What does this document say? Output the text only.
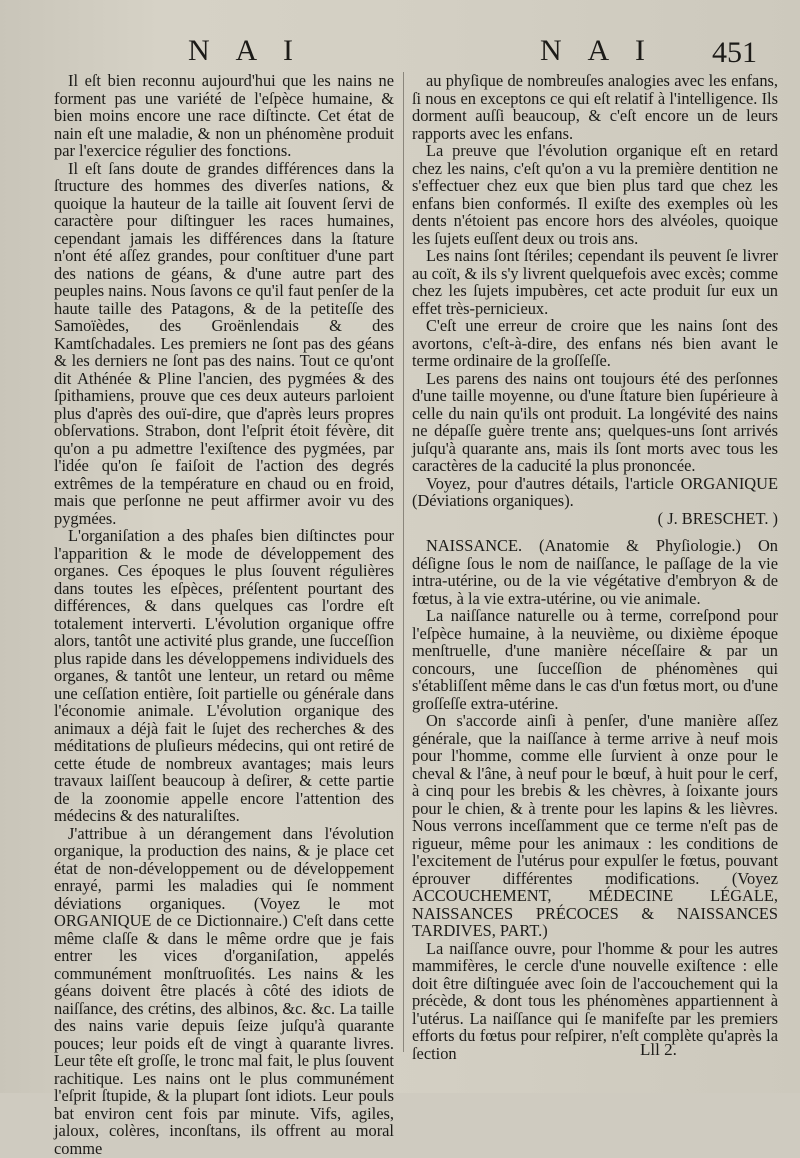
N A I	N A I 451

Il eſt bien reconnu aujourd'hui que les nains ne forment pas une variété de l'eſpèce humaine, & bien moins encore une race diſtincte. Cet état de nain eſt une maladie, & non un phénomène produit par l'exercice régulier des fonctions.

Il eſt ſans doute de grandes différences dans la ſtructure des hommes des diverſes nations, & quoique la hauteur de la taille ait ſouvent ſervi de caractère pour diſtinguer les races humaines, cependant jamais les différences dans la ſtature n'ont été aſſez grandes, pour conſtituer d'une part des nations de géans, & d'une autre part des peuples nains. Nous ſavons ce qu'il faut penſer de la haute taille des Patagons, & de la petiteſſe des Samoïèdes, des Groënlendais & des Kamtſchadales. Les premiers ne ſont pas des géans & les derniers ne ſont pas des nains. Tout ce qu'ont dit Athénée & Pline l'ancien, des pygmées & des ſpithamiens, prouve que ces deux auteurs parloient plus d'après des ouï-dire, que d'après leurs propres obſervations. Strabon, dont l'eſprit étoit févère, dit qu'on a pu admettre l'exiſtence des pygmées, par l'idée qu'on ſe faiſoit de l'action des degrés extrêmes de la température en chaud ou en froid, mais que perſonne ne peut affirmer avoir vu des pygmées.

L'organiſation a des phaſes bien diſtinctes pour l'apparition & le mode de développement des organes. Ces époques le plus ſouvent régulières dans toutes les eſpèces, préſentent pourtant des différences, & dans quelques cas l'ordre eſt totalement interverti. L'évolution organique offre alors, tantôt une activité plus grande, une ſucceſſion plus rapide dans les développemens individuels des organes, & tantôt une lenteur, un retard ou même une ceſſation entière, ſoit partielle ou générale dans l'économie animale. L'évolution organique des animaux a déjà fait le ſujet des recherches & des méditations de pluſieurs médecins, qui ont retiré de cette étude de nombreux avantages; mais leurs travaux laiſſent beaucoup à deſirer, & cette partie de la zoonomie appelle encore l'attention des médecins & des naturaliſtes.

J'attribue à un dérangement dans l'évolution organique, la production des nains, & je place cet état de non-développement ou de développement enrayé, parmi les maladies qui ſe nomment déviations organiques. (Voyez le mot ORGANIQUE de ce Dictionnaire.) C'eſt dans cette même claſſe & dans le même ordre que je fais entrer les vices d'organiſation, appelés communément monſtruoſités. Les nains & les géans doivent être placés à côté des idiots de naiſſance, des crétins, des albinos, &c. &c. La taille des nains varie depuis ſeize juſqu'à quarante pouces; leur poids eſt de vingt à quarante livres. Leur tête eſt groſſe, le tronc mal fait, le plus ſouvent rachitique. Les nains ont le plus communément l'eſprit ſtupide, & la plupart ſont idiots. Leur pouls bat environ cent fois par minute. Vifs, agiles, jaloux, colères, inconſtans, ils offrent au moral comme

au phyſique de nombreuſes analogies avec les enfans, ſi nous en exceptons ce qui eſt relatif à l'intelligence. Ils dorment auſſi beaucoup, & c'eſt encore un de leurs rapports avec les enfans.

La preuve que l'évolution organique eſt en retard chez les nains, c'eſt qu'on a vu la première dentition ne s'effectuer chez eux que bien plus tard que chez les enfans bien conformés. Il exiſte des exemples où les dents n'étoient pas encore hors des alvéoles, quoique les ſujets euſſent deux ou trois ans.

Les nains ſont ſtériles; cependant ils peuvent ſe livrer au coït, & ils s'y livrent quelquefois avec excès; comme chez les ſujets impubères, cet acte produit ſur eux un effet très-pernicieux.

C'eſt une erreur de croire que les nains ſont des avortons, c'eſt-à-dire, des enfans nés bien avant le terme ordinaire de la groſſeſſe.

Les parens des nains ont toujours été des perſonnes d'une taille moyenne, ou d'une ſtature bien ſupérieure à celle du nain qu'ils ont produit. La longévité des nains ne dépaſſe guère trente ans; quelques-uns ſont arrivés juſqu'à quarante ans, mais ils ſont morts avec tous les caractères de la caducité la plus prononcée.

Voyez, pour d'autres détails, l'article ORGANIQUE (Déviations organiques).

( J. BRESCHET. )

NAISSANCE. (Anatomie & Phyſiologie.) On déſigne ſous le nom de naiſſance, le paſſage de la vie intra-utérine, ou de la vie végétative d'embryon & de fœtus, à la vie extra-utérine, ou vie animale.

La naiſſance naturelle ou à terme, correſpond pour l'eſpèce humaine, à la neuvième, ou dixième époque menſtruelle, d'une manière néceſſaire & par un concours, une ſucceſſion de phénomènes qui s'établiſſent même dans le cas d'un fœtus mort, ou d'une groſſeſſe extra-utérine.

On s'accorde ainſi à penſer, d'une manière aſſez générale, que la naiſſance à terme arrive à neuf mois pour l'homme, comme elle ſurvient à onze pour le cheval & l'âne, à neuf pour le bœuf, à huit pour le cerf, à cinq pour les brebis & les chèvres, à ſoixante jours pour le chien, & à trente pour les lapins & les lièvres. Nous verrons inceſſamment que ce terme n'eſt pas de rigueur, même pour les animaux : les conditions de l'excitement de l'utérus pour expulſer le fœtus, pouvant éprouver différentes modifications. (Voyez ACCOUCHEMENT, MÉDECINE LÉGALE, NAISSANCES PRÉCOCES & NAISSANCES TARDIVES, PART.)

La naiſſance ouvre, pour l'homme & pour les autres mammifères, le cercle d'une nouvelle exiſtence : elle doit être diſtinguée avec ſoin de l'accouchement qui la précède, & dont tous les phénomènes appartiennent à l'utérus. La naiſſance qui ſe manifeſte par les premiers efforts du fœtus pour reſpirer, n'eſt complète qu'après la ſection	Lll 2.
